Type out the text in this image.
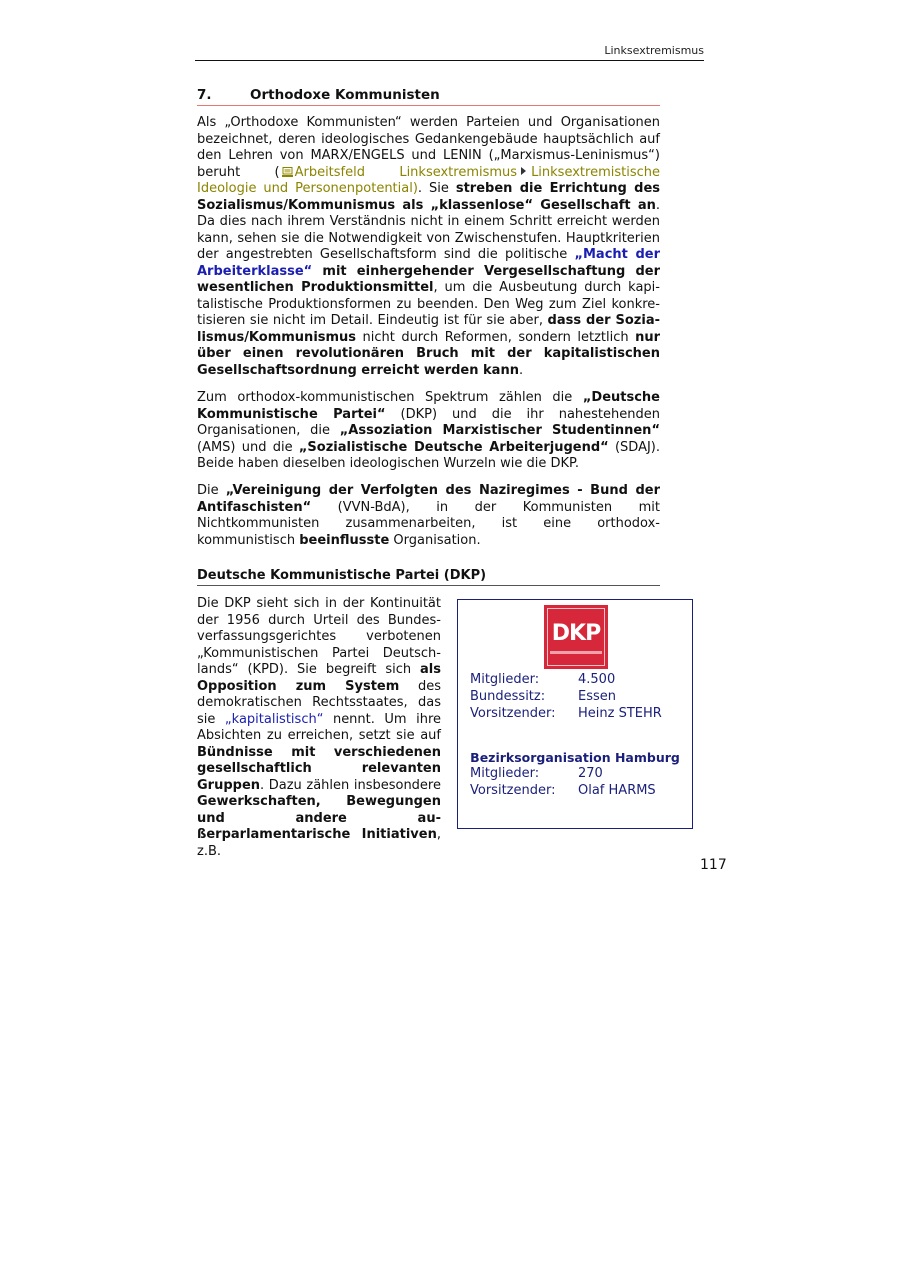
Linksextremismus
7.	Orthodoxe Kommunisten

Als „Orthodoxe Kommunisten“ werden Parteien und Organisationen bezeichnet, deren ideologisches Gedankengebäude hauptsächlich auf den Lehren von MARX/ENGELS und LENIN („Marxismus-Leninismus“) beruht ( Arbeitsfeld Linksextremismus Linksextremistische Ideologie und Personenpotential). Sie streben die Errichtung des Sozialismus/Kommunismus als „klassenlose“ Gesellschaft an. Da dies nach ihrem Verständnis nicht in einem Schritt erreicht werden kann, sehen sie die Notwendigkeit von Zwischenstufen. Hauptkriterien der angestrebten Gesellschaftsform sind die politische „Macht der Arbeiterklasse“ mit einhergehender Vergesellschaftung der wesentlichen Produktionsmittel, um die Ausbeutung durch kapitalistische Produktionsformen zu beenden. Den Weg zum Ziel konkretisieren sie nicht im Detail. Eindeutig ist für sie aber, dass der Sozialismus/Kommunismus nicht durch Reformen, sondern letztlich nur über einen revolutionären Bruch mit der kapitalistischen Gesellschaftsordnung erreicht werden kann.

Zum orthodox-kommunistischen Spektrum zählen die „Deutsche Kommunistische Partei“ (DKP) und die ihr nahestehenden Organisationen, die „Assoziation Marxistischer Studentinnen“ (AMS) und die „Sozialistische Deutsche Arbeiterjugend“ (SDAJ). Beide haben dieselben ideologischen Wurzeln wie die DKP.

Die „Vereinigung der Verfolgten des Naziregimes - Bund der Antifaschisten“ (VVN-BdA), in der Kommunisten mit Nichtkommunisten zusammenarbeiten, ist eine orthodox-kommunistisch beeinflusste Organisation.

Deutsche Kommunistische Partei (DKP)
Die DKP sieht sich in der Kontinuität der 1956 durch Urteil des Bundesverfassungsgerichtes verbotenen „Kommunistischen Partei Deutschlands“ (KPD). Sie begreift sich als Opposition zum System des demokratischen Rechtsstaates, das sie „kapitalistisch“ nennt. Um ihre Absichten zu erreichen, setzt sie auf Bündnisse mit verschiedenen gesellschaftlich relevanten Gruppen. Dazu zählen insbesondere Gewerkschaften, Bewegungen und andere außerparlamentarische Initiativen, z.B.
DKP
Mitglieder:	4.500
Bundessitz:	Essen
Vorsitzender: Heinz STEHR
Bezirksorganisation Hamburg
Mitglieder:	270
Vorsitzender: Olaf HARMS
117
